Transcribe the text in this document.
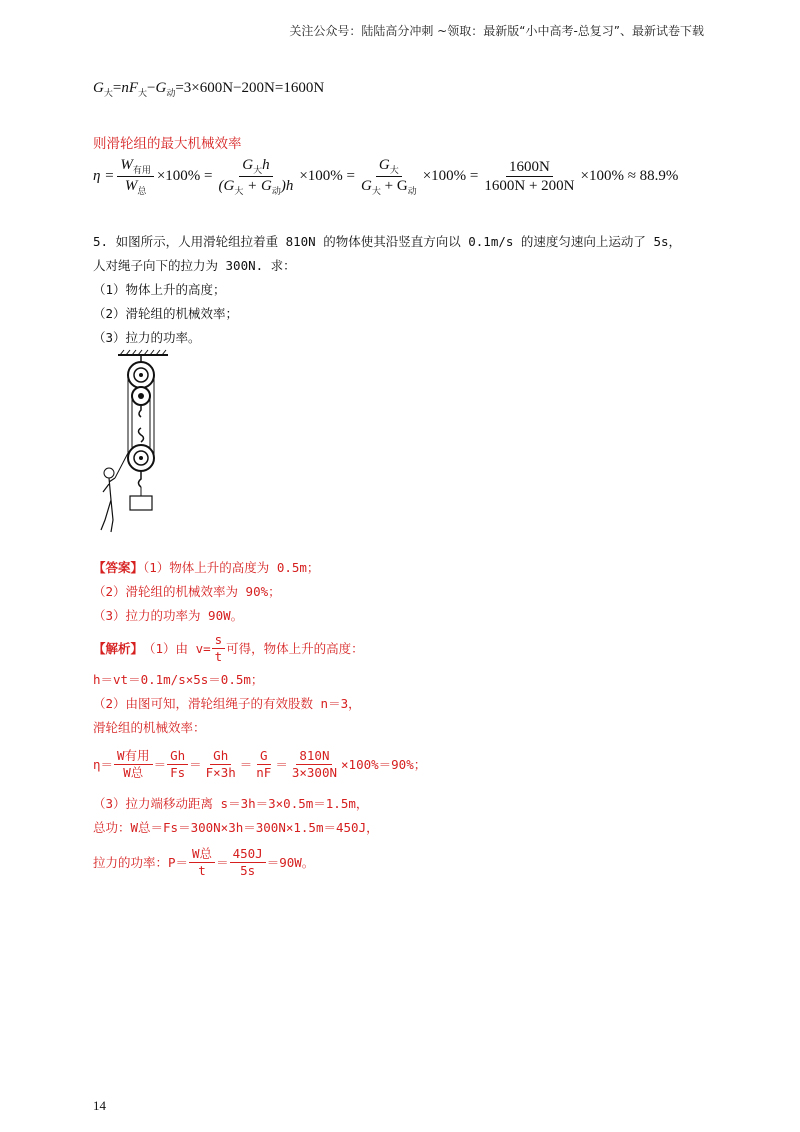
关注公众号：陆陆高分冲刺 ~领取：最新版“小中高考-总复习”、最新试卷下载
$G_大=nF_大-G_动=3\times 600N-200N=1600N$
则滑轮组的最大机械效率
$\eta = \frac{W_{有用}}{W_总} \times 100\% = \frac{G_大h}{(G_大 + G_动)h} \times 100\% = \frac{G_大}{G_大 + G_动} \times 100\% = \frac{1600N}{1600N + 200N} \times 100\% \approx 88.9\%$
5. 如图所示，人用滑轮组拉着重 810N 的物体使其沿竖直方向以 0.1m/s 的速度匀速向上运动了 5s，
人对绳子向下的拉力为 300N. 求：
（1）物体上升的高度；
（2）滑轮组的机械效率；
（3）拉力的功率。
【答案】（1）物体上升的高度为 0.5m；
（2）滑轮组的机械效率为 90%；
（3）拉力的功率为 90W。
【解析】 （1）由 $v= \frac{s}{t}$ 可得，物体上升的高度：
h＝vt＝0.1m/s×5s＝0.5m；
（2）由图可知，滑轮组绳子的有效股数 n＝3，
滑轮组的机械效率：
$\eta= \frac{\text{W有用}}{\text{W总}} = \frac{Gh}{Fs} = \frac{Gh}{F\times 3h} = \frac{G}{nF} = \frac{810N}{3\times 300N} \times 100\%=90\%$；
（3）拉力端移动距离 s＝3h＝3×0.5m＝1.5m，
总功：W总＝Fs＝300N×3h＝300N×1.5m＝450J，
拉力的功率：$P= \frac{\text{W总}}{t} = \frac{450J}{5s} =90W$。
14
